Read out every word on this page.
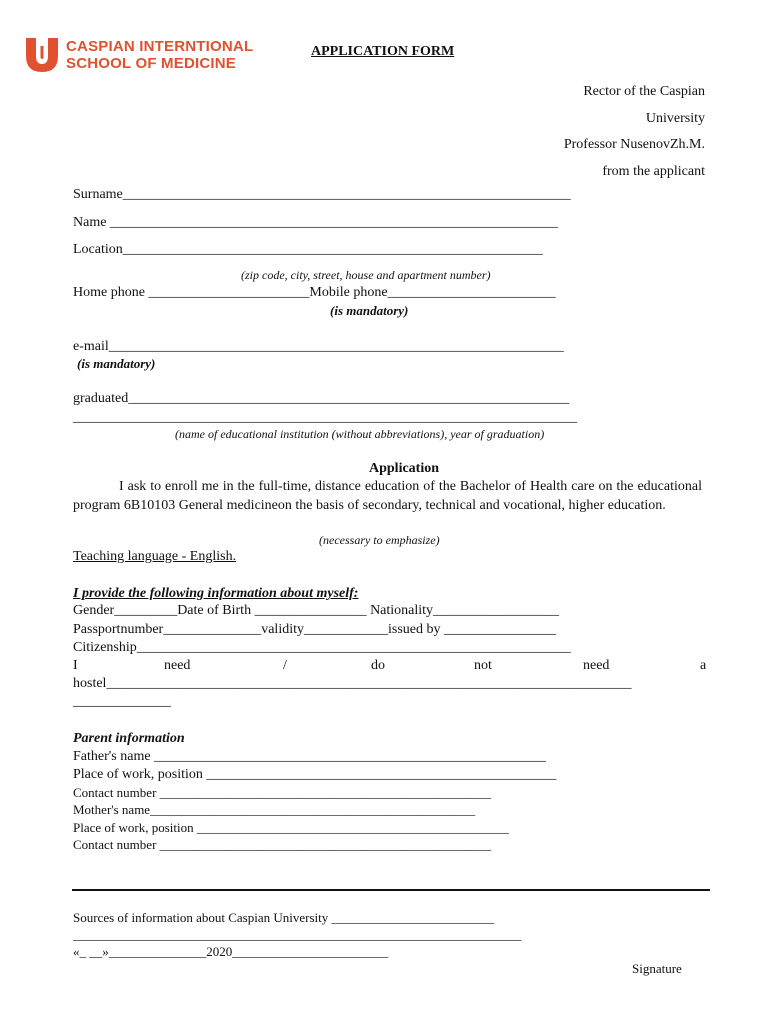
CASPIAN INTERNTIONAL
SCHOOL OF MEDICINE
APPLICATION FORM
Rector of the Caspian
University
Professor NusenovZh.M.
from the applicant
Surname________________________________________________________________
Name ________________________________________________________________
Location____________________________________________________________
(zip code, city, street, house and apartment number)
Home phone _______________________Mobile phone________________________
(is mandatory)
e-mail_________________________________________________________________
(is mandatory)
graduated_______________________________________________________________
________________________________________________________________________
(name of educational institution (without abbreviations), year of graduation)
Application
I ask to enroll me in the full-time, distance education of the Bachelor of Health care on the educational program 6B10103 General medicineon the basis of secondary, technical and vocational, higher education.
(necessary to emphasize)
Teaching language - English.
I provide the following information about myself:
Gender_________Date of Birth ________________ Nationality__________________
Passportnumber______________validity____________issued by ________________
Citizenship______________________________________________________________
I	need	/	do	not	need	a
hostel___________________________________________________________________________
______________
Parent information
Father's name ________________________________________________________
Place of work, position __________________________________________________
Contact number ___________________________________________________
Mother's name__________________________________________________
Place of work, position ________________________________________________
Contact number ___________________________________________________
Sources of information about Caspian University _________________________
_____________________________________________________________________
«_ __»_______________2020________________________
Signature
